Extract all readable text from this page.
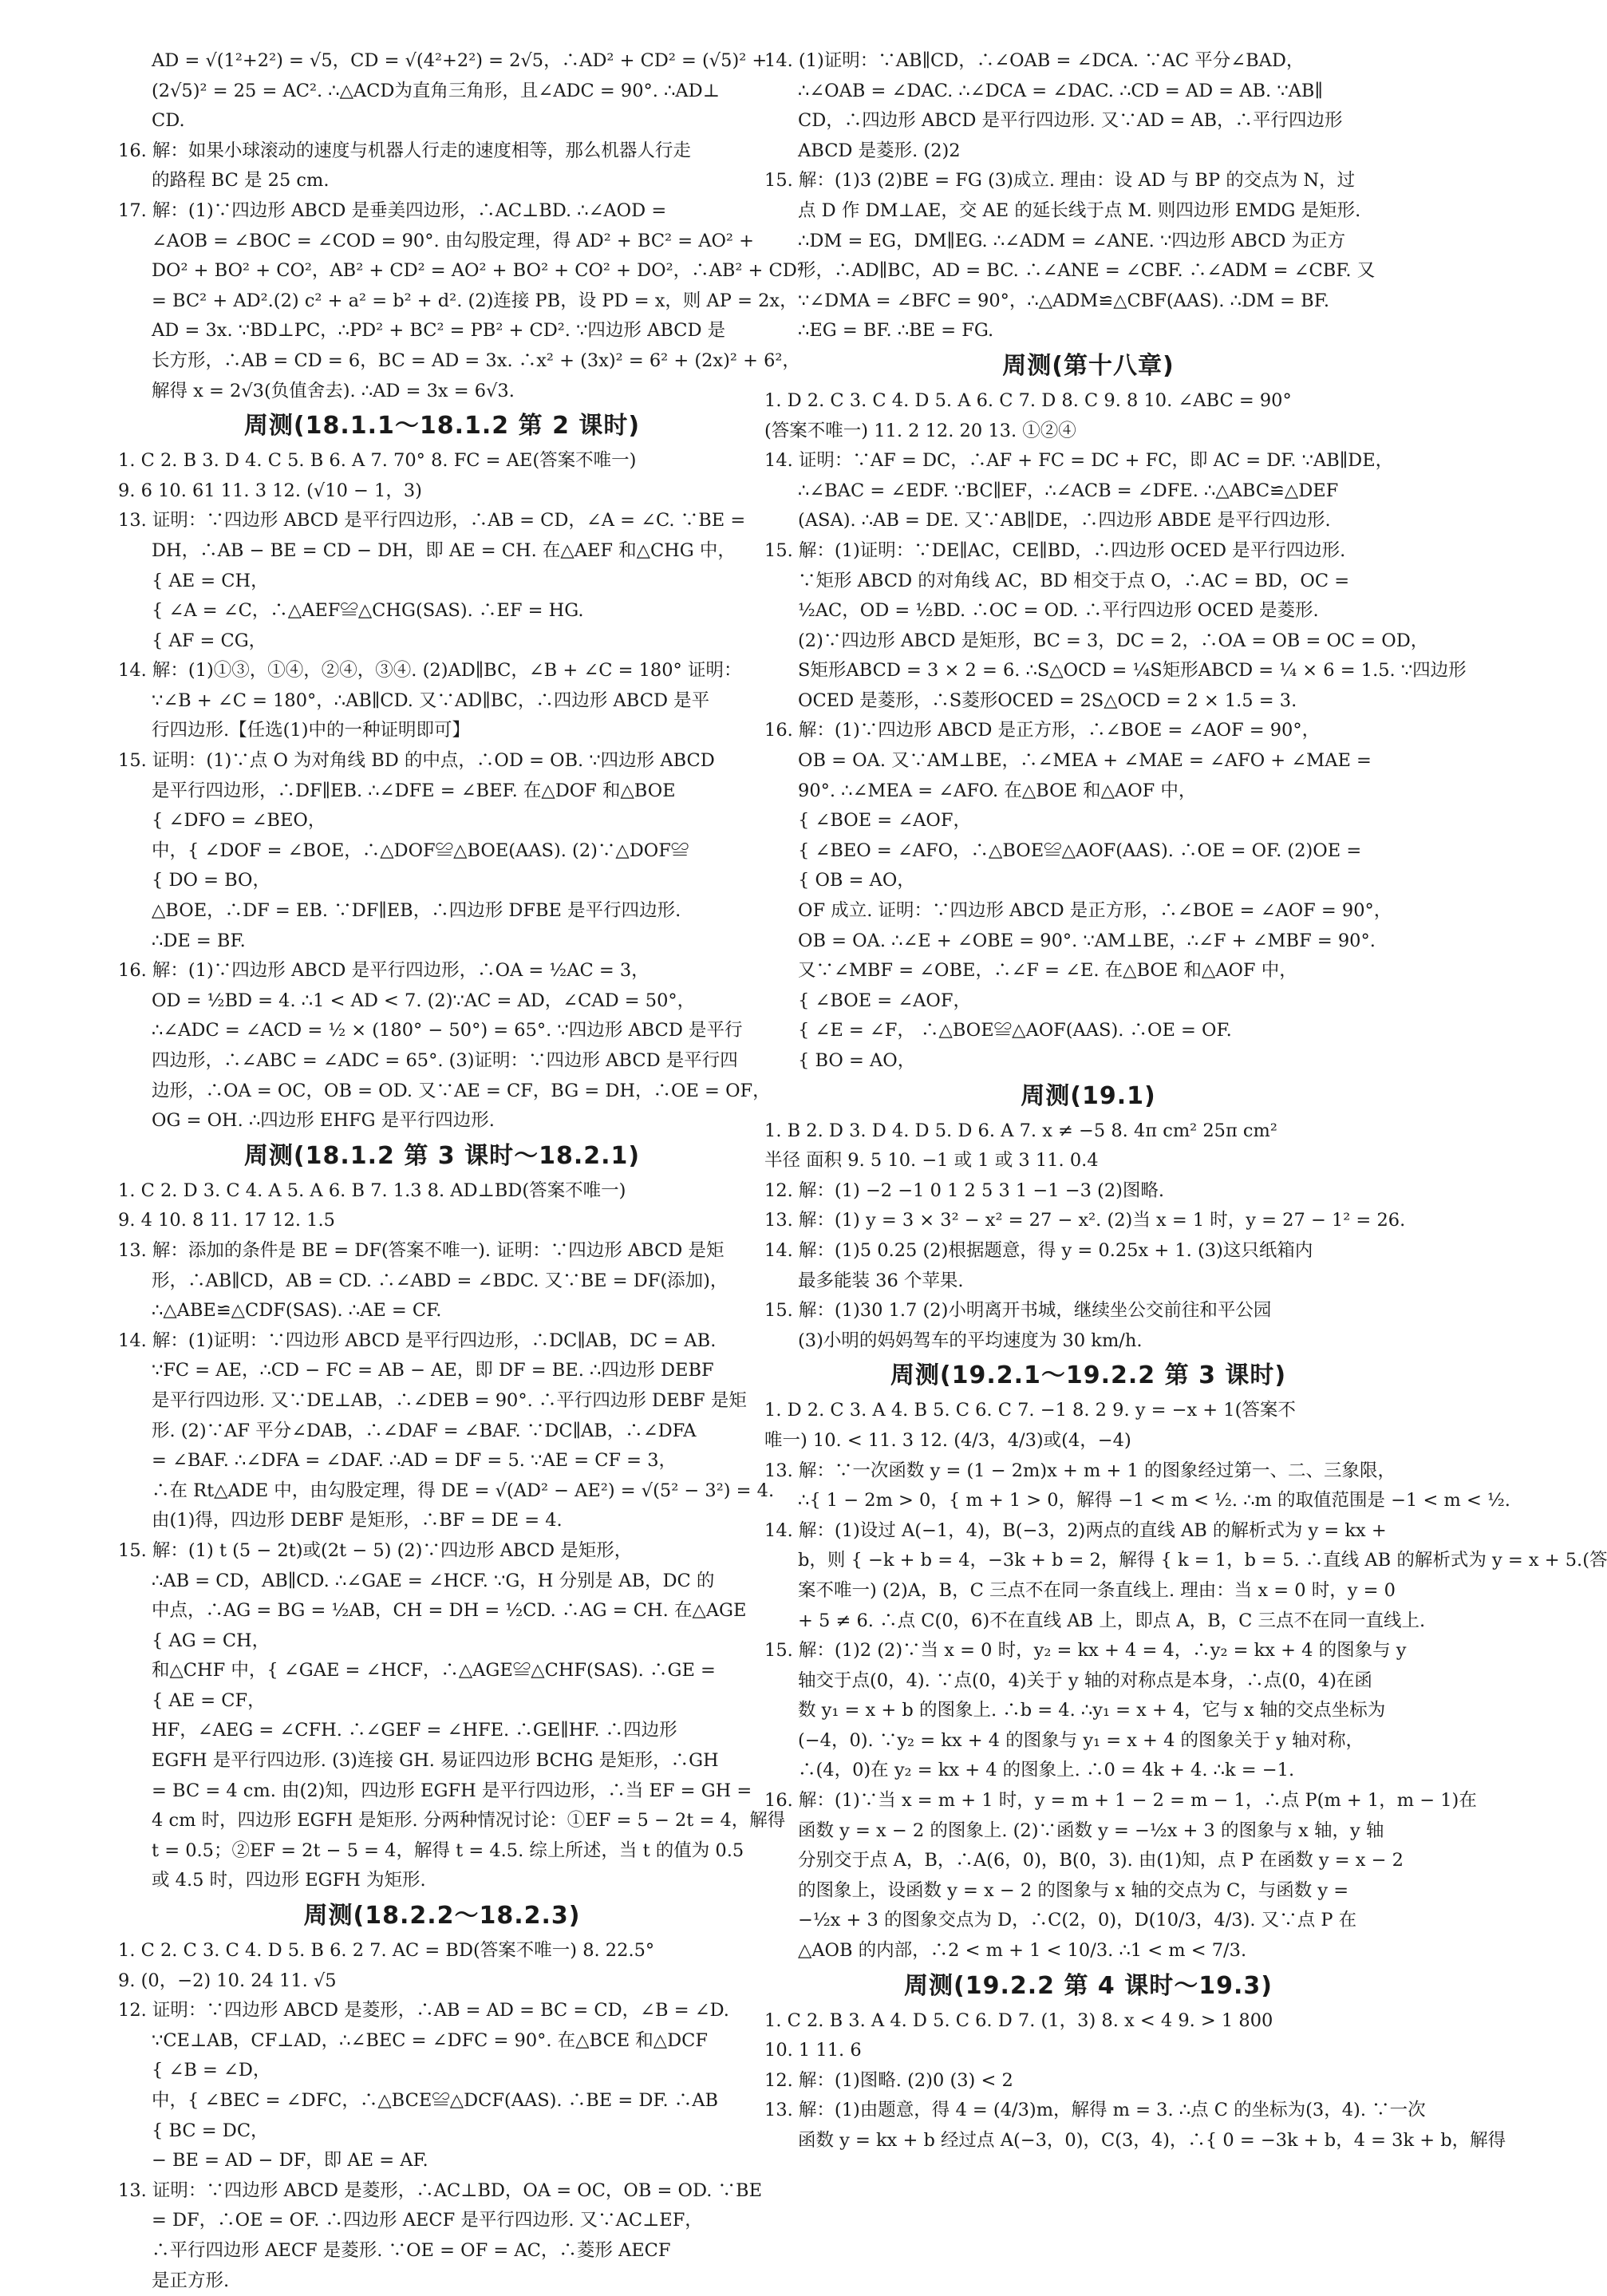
AD = √(1²+2²) = √5，CD = √(4²+2²) = 2√5，∴AD² + CD² = (√5)² +
(2√5)² = 25 = AC². ∴△ACD为直角三角形，且∠ADC = 90°. ∴AD⊥
CD.
16. 解：如果小球滚动的速度与机器人行走的速度相等，那么机器人行走
的路程 BC 是 25 cm.
17. 解：(1)∵四边形 ABCD 是垂美四边形，∴AC⊥BD. ∴∠AOD =
∠AOB = ∠BOC = ∠COD = 90°. 由勾股定理，得 AD² + BC² = AO² +
DO² + BO² + CO²，AB² + CD² = AO² + BO² + CO² + DO²，∴AB² + CD²
= BC² + AD².(2) c² + a² = b² + d². (2)连接 PB，设 PD = x，则 AP = 2x，
AD = 3x. ∵BD⊥PC，∴PD² + BC² = PB² + CD². ∵四边形 ABCD 是
长方形，∴AB = CD = 6，BC = AD = 3x. ∴x² + (3x)² = 6² + (2x)² + 6²，
解得 x = 2√3(负值舍去). ∴AD = 3x = 6√3.
周测(18.1.1～18.1.2 第 2 课时)
1. C 2. B 3. D 4. C 5. B 6. A 7. 70° 8. FC = AE(答案不唯一)
9. 6 10. 61 11. 3 12. (√10 − 1，3)
13. 证明：∵四边形 ABCD 是平行四边形，∴AB = CD，∠A = ∠C. ∵BE =
DH，∴AB − BE = CD − DH，即 AE = CH. 在△AEF 和△CHG 中，
{ AE = CH，
{ ∠A = ∠C，∴△AEF≌△CHG(SAS). ∴EF = HG.
{ AF = CG，
14. 解：(1)①③，①④，②④，③④. (2)AD∥BC，∠B + ∠C = 180° 证明：
∵∠B + ∠C = 180°，∴AB∥CD. 又∵AD∥BC，∴四边形 ABCD 是平
行四边形.【任选(1)中的一种证明即可】
15. 证明：(1)∵点 O 为对角线 BD 的中点，∴OD = OB. ∵四边形 ABCD
是平行四边形，∴DF∥EB. ∴∠DFE = ∠BEF. 在△DOF 和△BOE
{ ∠DFO = ∠BEO，
中，{ ∠DOF = ∠BOE，∴△DOF≌△BOE(AAS). (2)∵△DOF≌
{ DO = BO，
△BOE，∴DF = EB. ∵DF∥EB，∴四边形 DFBE 是平行四边形.
∴DE = BF.
16. 解：(1)∵四边形 ABCD 是平行四边形，∴OA = ½AC = 3，
OD = ½BD = 4. ∴1 < AD < 7. (2)∵AC = AD，∠CAD = 50°，
∴∠ADC = ∠ACD = ½ × (180° − 50°) = 65°. ∵四边形 ABCD 是平行
四边形，∴∠ABC = ∠ADC = 65°. (3)证明：∵四边形 ABCD 是平行四
边形，∴OA = OC，OB = OD. 又∵AE = CF，BG = DH，∴OE = OF，
OG = OH. ∴四边形 EHFG 是平行四边形.
周测(18.1.2 第 3 课时～18.2.1)
1. C 2. D 3. C 4. A 5. A 6. B 7. 1.3 8. AD⊥BD(答案不唯一)
9. 4 10. 8 11. 17 12. 1.5
13. 解：添加的条件是 BE = DF(答案不唯一). 证明：∵四边形 ABCD 是矩
形，∴AB∥CD，AB = CD. ∴∠ABD = ∠BDC. 又∵BE = DF(添加)，
∴△ABE≌△CDF(SAS). ∴AE = CF.
14. 解：(1)证明：∵四边形 ABCD 是平行四边形，∴DC∥AB，DC = AB.
∵FC = AE，∴CD − FC = AB − AE，即 DF = BE. ∴四边形 DEBF
是平行四边形. 又∵DE⊥AB，∴∠DEB = 90°. ∴平行四边形 DEBF 是矩
形. (2)∵AF 平分∠DAB，∴∠DAF = ∠BAF. ∵DC∥AB，∴∠DFA
= ∠BAF. ∴∠DFA = ∠DAF. ∴AD = DF = 5. ∵AE = CF = 3，
∴在 Rt△ADE 中，由勾股定理，得 DE = √(AD² − AE²) = √(5² − 3²) = 4.
由(1)得，四边形 DEBF 是矩形，∴BF = DE = 4.
15. 解：(1) t (5 − 2t)或(2t − 5) (2)∵四边形 ABCD 是矩形，
∴AB = CD，AB∥CD. ∴∠GAE = ∠HCF. ∵G，H 分别是 AB，DC 的
中点，∴AG = BG = ½AB，CH = DH = ½CD. ∴AG = CH. 在△AGE
{ AG = CH，
和△CHF 中，{ ∠GAE = ∠HCF，∴△AGE≌△CHF(SAS). ∴GE =
{ AE = CF，
HF，∠AEG = ∠CFH. ∴∠GEF = ∠HFE. ∴GE∥HF. ∴四边形
EGFH 是平行四边形. (3)连接 GH. 易证四边形 BCHG 是矩形，∴GH
= BC = 4 cm. 由(2)知，四边形 EGFH 是平行四边形，∴当 EF = GH =
4 cm 时，四边形 EGFH 是矩形. 分两种情况讨论：①EF = 5 − 2t = 4，解得
t = 0.5；②EF = 2t − 5 = 4，解得 t = 4.5. 综上所述，当 t 的值为 0.5
或 4.5 时，四边形 EGFH 为矩形.
周测(18.2.2～18.2.3)
1. C 2. C 3. C 4. D 5. B 6. 2 7. AC = BD(答案不唯一) 8. 22.5°
9. (0，−2) 10. 24 11. √5
12. 证明：∵四边形 ABCD 是菱形，∴AB = AD = BC = CD，∠B = ∠D.
∵CE⊥AB，CF⊥AD，∴∠BEC = ∠DFC = 90°. 在△BCE 和△DCF
{ ∠B = ∠D，
中，{ ∠BEC = ∠DFC，∴△BCE≌△DCF(AAS). ∴BE = DF. ∴AB
{ BC = DC，
− BE = AD − DF，即 AE = AF.
13. 证明：∵四边形 ABCD 是菱形，∴AC⊥BD，OA = OC，OB = OD. ∵BE
= DF，∴OE = OF. ∴四边形 AECF 是平行四边形. 又∵AC⊥EF，
∴平行四边形 AECF 是菱形. ∵OE = OF = AC，∴菱形 AECF
是正方形.
14. (1)证明：∵AB∥CD，∴∠OAB = ∠DCA. ∵AC 平分∠BAD，
∴∠OAB = ∠DAC. ∴∠DCA = ∠DAC. ∴CD = AD = AB. ∵AB∥
CD，∴四边形 ABCD 是平行四边形. 又∵AD = AB，∴平行四边形
ABCD 是菱形. (2)2
15. 解：(1)3 (2)BE = FG (3)成立. 理由：设 AD 与 BP 的交点为 N，过
点 D 作 DM⊥AE，交 AE 的延长线于点 M. 则四边形 EMDG 是矩形.
∴DM = EG，DM∥EG. ∴∠ADM = ∠ANE. ∵四边形 ABCD 为正方
形，∴AD∥BC，AD = BC. ∴∠ANE = ∠CBF. ∴∠ADM = ∠CBF. 又
∵∠DMA = ∠BFC = 90°，∴△ADM≌△CBF(AAS). ∴DM = BF.
∴EG = BF. ∴BE = FG.
周测(第十八章)
1. D 2. C 3. C 4. D 5. A 6. C 7. D 8. C 9. 8 10. ∠ABC = 90°
(答案不唯一) 11. 2 12. 20 13. ①②④
14. 证明：∵AF = DC，∴AF + FC = DC + FC，即 AC = DF. ∵AB∥DE，
∴∠BAC = ∠EDF. ∵BC∥EF，∴∠ACB = ∠DFE. ∴△ABC≌△DEF
(ASA). ∴AB = DE. 又∵AB∥DE，∴四边形 ABDE 是平行四边形.
15. 解：(1)证明：∵DE∥AC，CE∥BD，∴四边形 OCED 是平行四边形.
∵矩形 ABCD 的对角线 AC，BD 相交于点 O，∴AC = BD，OC =
½AC，OD = ½BD. ∴OC = OD. ∴平行四边形 OCED 是菱形.
(2)∵四边形 ABCD 是矩形，BC = 3，DC = 2，∴OA = OB = OC = OD，
S矩形ABCD = 3 × 2 = 6. ∴S△OCD = ¼S矩形ABCD = ¼ × 6 = 1.5. ∵四边形
OCED 是菱形，∴S菱形OCED = 2S△OCD = 2 × 1.5 = 3.
16. 解：(1)∵四边形 ABCD 是正方形，∴∠BOE = ∠AOF = 90°，
OB = OA. 又∵AM⊥BE，∴∠MEA + ∠MAE = ∠AFO + ∠MAE =
90°. ∴∠MEA = ∠AFO. 在△BOE 和△AOF 中，
{ ∠BOE = ∠AOF，
{ ∠BEO = ∠AFO，∴△BOE≌△AOF(AAS). ∴OE = OF. (2)OE =
{ OB = AO，
OF 成立. 证明：∵四边形 ABCD 是正方形，∴∠BOE = ∠AOF = 90°，
OB = OA. ∴∠E + ∠OBE = 90°. ∵AM⊥BE，∴∠F + ∠MBF = 90°.
又∵∠MBF = ∠OBE，∴∠F = ∠E. 在△BOE 和△AOF 中，
{ ∠BOE = ∠AOF，
{ ∠E = ∠F， ∴△BOE≌△AOF(AAS). ∴OE = OF.
{ BO = AO，
周测(19.1)
1. B 2. D 3. D 4. D 5. D 6. A 7. x ≠ −5 8. 4π cm² 25π cm²
半径 面积 9. 5 10. −1 或 1 或 3 11. 0.4
12. 解：(1) −2 −1 0 1 2 5 3 1 −1 −3 (2)图略.
13. 解：(1) y = 3 × 3² − x² = 27 − x². (2)当 x = 1 时，y = 27 − 1² = 26.
14. 解：(1)5 0.25 (2)根据题意，得 y = 0.25x + 1. (3)这只纸箱内
最多能装 36 个苹果.
15. 解：(1)30 1.7 (2)小明离开书城，继续坐公交前往和平公园
(3)小明的妈妈驾车的平均速度为 30 km/h.
周测(19.2.1～19.2.2 第 3 课时)
1. D 2. C 3. A 4. B 5. C 6. C 7. −1 8. 2 9. y = −x + 1(答案不
唯一) 10. < 11. 3 12. (4/3，4/3)或(4，−4)
13. 解：∵一次函数 y = (1 − 2m)x + m + 1 的图象经过第一、二、三象限，
∴{ 1 − 2m > 0，{ m + 1 > 0，解得 −1 < m < ½. ∴m 的取值范围是 −1 < m < ½.
14. 解：(1)设过 A(−1，4)，B(−3，2)两点的直线 AB 的解析式为 y = kx +
b，则 { −k + b = 4，−3k + b = 2，解得 { k = 1，b = 5. ∴直线 AB 的解析式为 y = x + 5.(答
案不唯一) (2)A，B，C 三点不在同一条直线上. 理由：当 x = 0 时，y = 0
+ 5 ≠ 6. ∴点 C(0，6)不在直线 AB 上，即点 A，B，C 三点不在同一直线上.
15. 解：(1)2 (2)∵当 x = 0 时，y₂ = kx + 4 = 4，∴y₂ = kx + 4 的图象与 y
轴交于点(0，4). ∵点(0，4)关于 y 轴的对称点是本身，∴点(0，4)在函
数 y₁ = x + b 的图象上. ∴b = 4. ∴y₁ = x + 4，它与 x 轴的交点坐标为
(−4，0). ∵y₂ = kx + 4 的图象与 y₁ = x + 4 的图象关于 y 轴对称，
∴(4，0)在 y₂ = kx + 4 的图象上. ∴0 = 4k + 4. ∴k = −1.
16. 解：(1)∵当 x = m + 1 时，y = m + 1 − 2 = m − 1，∴点 P(m + 1，m − 1)在
函数 y = x − 2 的图象上. (2)∵函数 y = −½x + 3 的图象与 x 轴，y 轴
分别交于点 A，B，∴A(6，0)，B(0，3). 由(1)知，点 P 在函数 y = x − 2
的图象上，设函数 y = x − 2 的图象与 x 轴的交点为 C，与函数 y =
−½x + 3 的图象交点为 D，∴C(2，0)，D(10/3，4/3). 又∵点 P 在
△AOB 的内部，∴2 < m + 1 < 10/3. ∴1 < m < 7/3.
周测(19.2.2 第 4 课时～19.3)
1. C 2. B 3. A 4. D 5. C 6. D 7. (1，3) 8. x < 4 9. > 1 800
10. 1 11. 6
12. 解：(1)图略. (2)0 (3) < 2
13. 解：(1)由题意，得 4 = (4/3)m，解得 m = 3. ∴点 C 的坐标为(3，4). ∵一次
函数 y = kx + b 经过点 A(−3，0)，C(3，4)，∴{ 0 = −3k + b，4 = 3k + b，解得
